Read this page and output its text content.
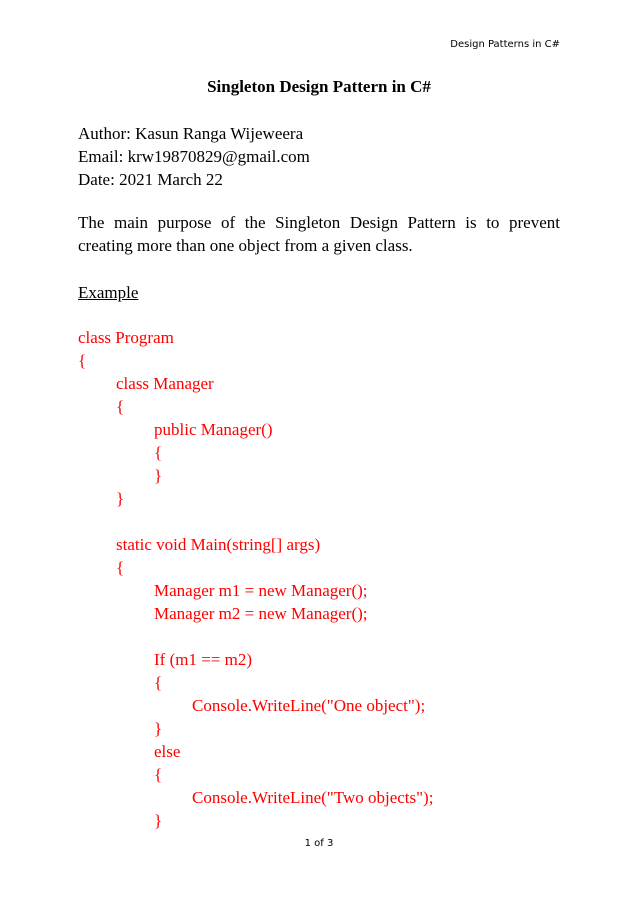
Design Patterns in C#
Singleton Design Pattern in C#
Author: Kasun Ranga Wijeweera
Email: krw19870829@gmail.com
Date: 2021 March 22
The main purpose of the Singleton Design Pattern is to prevent creating more than one object from a given class.
Example
class Program
{
class Manager
{
public Manager()
{
}
}
static void Main(string[] args)
{
Manager m1 = new Manager();
Manager m2 = new Manager();
If (m1 == m2)
{
Console.WriteLine("One object");
}
else
{
Console.WriteLine("Two objects");
}
1 of 3
